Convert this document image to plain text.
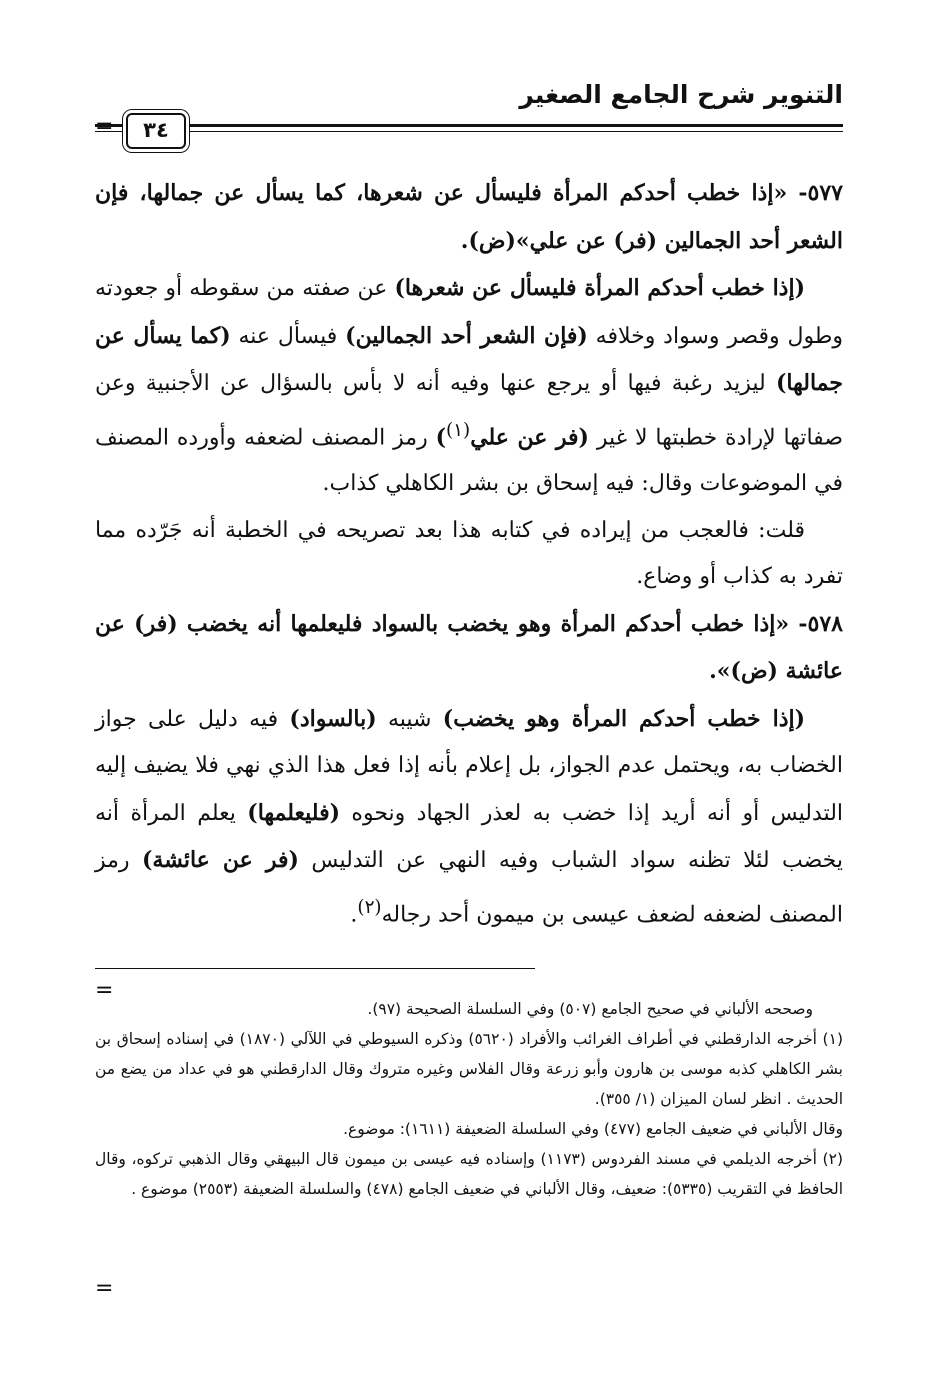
التنوير شرح الجامع الصغير
=	٣٤

٥٧٧- «إذا خطب أحدكم المرأة فليسأل عن شعرها، كما يسأل عن جمالها، فإن الشعر أحد الجمالين (فر) عن علي»(ض).

(إذا خطب أحدكم المرأة فليسأل عن شعرها) عن صفته من سقوطه أو جعودته وطول وقصر وسواد وخلافه (فإن الشعر أحد الجمالين) فيسأل عنه (كما يسأل عن جمالها) ليزيد رغبة فيها أو يرجع عنها وفيه أنه لا بأس بالسؤال عن الأجنبية وعن صفاتها لإرادة خطبتها لا غير (فر عن علي$^{(١)}$) رمز المصنف لضعفه وأورده المصنف في الموضوعات وقال: فيه إسحاق بن بشر الكاهلي كذاب.

قلت: فالعجب من إيراده في كتابه هذا بعد تصريحه في الخطبة أنه جَرّده مما تفرد به كذاب أو وضاع.

٥٧٨- «إذا خطب أحدكم المرأة وهو يخضب بالسواد فليعلمها أنه يخضب (فر) عن عائشة (ض)».

(إذا خطب أحدكم المرأة وهو يخضب) شيبه (بالسواد) فيه دليل على جواز الخضاب به، ويحتمل عدم الجواز، بل إعلام بأنه إذا فعل هذا الذي نهي فلا يضيف إليه التدليس أو أنه أريد إذا خضب به لعذر الجهاد ونحوه (فليعلمها) يعلم المرأة أنه يخضب لئلا تظنه سواد الشباب وفيه النهي عن التدليس (فر عن عائشة) رمز المصنف لضعفه لضعف عيسى بن ميمون أحد رجاله$^{(٢)}$.

=

وصححه الألباني في صحيح الجامع (٥٠٧) وفي السلسلة الصحيحة (٩٧).

(١) أخرجه الدارقطني في أطراف الغرائب والأفراد (٥٦٢٠) وذكره السيوطي في اللآلي (١٨٧٠) في إسناده إسحاق بن بشر الكاهلي كذبه موسى بن هارون وأبو زرعة وقال الفلاس وغيره متروك وقال الدارقطني هو في عداد من يضع من الحديث . انظر لسان الميزان (١/ ٣٥٥).

وقال الألباني في ضعيف الجامع (٤٧٧) وفي السلسلة الضعيفة (١٦١١): موضوع.

(٢) أخرجه الديلمي في مسند الفردوس (١١٧٣) وإسناده فيه عيسى بن ميمون قال البيهقي وقال الذهبي تركوه، وقال الحافظ في التقريب (٥٣٣٥): ضعيف، وقال الألباني في ضعيف الجامع (٤٧٨) والسلسلة الضعيفة (٢٥٥٣) موضوع .

=
